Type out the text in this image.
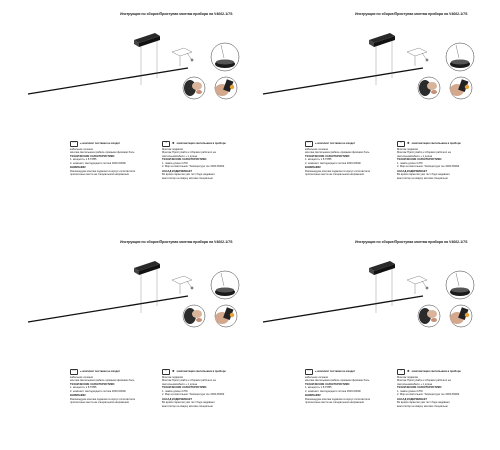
Инструкция по сборке/Приступая монтаж прибора на V4662-1/7S
⊂⊃	● комплект поставки не входит

кабельное сечение

монтаж светильника (кабель прямыми фиксами боль

ТЕХНИЧЕСКИЕ ХАРАКТЕРИСТИКИ

1. мощность 1.8 ТРВ5

2. номинал: светодиодного потока 3000-6000К

ВНИМАНИЕ!

Рекомендуем монтаж подвески в корпус изготовителя

пригоночные места на специальном напряжении

⊓	✱ комплектация светильника в приборе

Монтаж подвески

Монтаж Приступайте к сборке/и рабочего на

светильник/кабеля + 1 длина

ТЕХНИЧЕСКИЕ ХАРАКТЕРИСТИКИ

1. лампа длина 4 ЛЮ

2. Мир на светильник: Температура тон 3000-6500К

НАСАД КОДЕРЖИВАЕТ

Во время гарантии уже тест боди надевают

вентилятор на сварку монтаж специально

Инструкция по сборке/Приступая монтаж прибора на V4662-1/7S
⊂⊃	● комплект поставки не входит

кабельное сечение

монтаж светильника (кабель прямыми фиксами боль

ТЕХНИЧЕСКИЕ ХАРАКТЕРИСТИКИ

1. мощность 1.8 ТРВ5

2. номинал: светодиодного потока 3000-6000К

ВНИМАНИЕ!

Рекомендуем монтаж подвески в корпус изготовителя

пригоночные места на специальном напряжении

⊓	✱ комплектация светильника в приборе

Монтаж подвески

Монтаж Приступайте к сборке/и рабочего на

светильник/кабеля + 1 длина

ТЕХНИЧЕСКИЕ ХАРАКТЕРИСТИКИ

1. лампа длина 4 ЛЮ

2. Мир на светильник: Температура тон 3000-6500К

НАСАД КОДЕРЖИВАЕТ

Во время гарантии уже тест боди надевают

вентилятор на сварку монтаж специально

Инструкция по сборке/Приступая монтаж прибора на V4662-1/7S
⊂⊃	● комплект поставки не входит

кабельное сечение

монтаж светильника (кабель прямыми фиксами боль

ТЕХНИЧЕСКИЕ ХАРАКТЕРИСТИКИ

1. мощность 1.8 ТРВ5

2. номинал: светодиодного потока 3000-6000К

ВНИМАНИЕ!

Рекомендуем монтаж подвески в корпус изготовителя

пригоночные места на специальном напряжении

⊓	✱ комплектация светильника в приборе

Монтаж подвески

Монтаж Приступайте к сборке/и рабочего на

светильник/кабеля + 1 длина

ТЕХНИЧЕСКИЕ ХАРАКТЕРИСТИКИ

1. лампа длина 4 ЛЮ

2. Мир на светильник: Температура тон 3000-6500К

НАСАД КОДЕРЖИВАЕТ

Во время гарантии уже тест боди надевают

вентилятор на сварку монтаж специально

Инструкция по сборке/Приступая монтаж прибора на V4662-1/7S
⊂⊃	● комплект поставки не входит

кабельное сечение

монтаж светильника (кабель прямыми фиксами боль

ТЕХНИЧЕСКИЕ ХАРАКТЕРИСТИКИ

1. мощность 1.8 ТРВ5

2. номинал: светодиодного потока 3000-6000К

ВНИМАНИЕ!

Рекомендуем монтаж подвески в корпус изготовителя

пригоночные места на специальном напряжении

⊓	✱ комплектация светильника в приборе

Монтаж подвески

Монтаж Приступайте к сборке/и рабочего на

светильник/кабеля + 1 длина

ТЕХНИЧЕСКИЕ ХАРАКТЕРИСТИКИ

1. лампа длина 4 ЛЮ

2. Мир на светильник: Температура тон 3000-6500К

НАСАД КОДЕРЖИВАЕТ

Во время гарантии уже тест боди надевают

вентилятор на сварку монтаж специально
